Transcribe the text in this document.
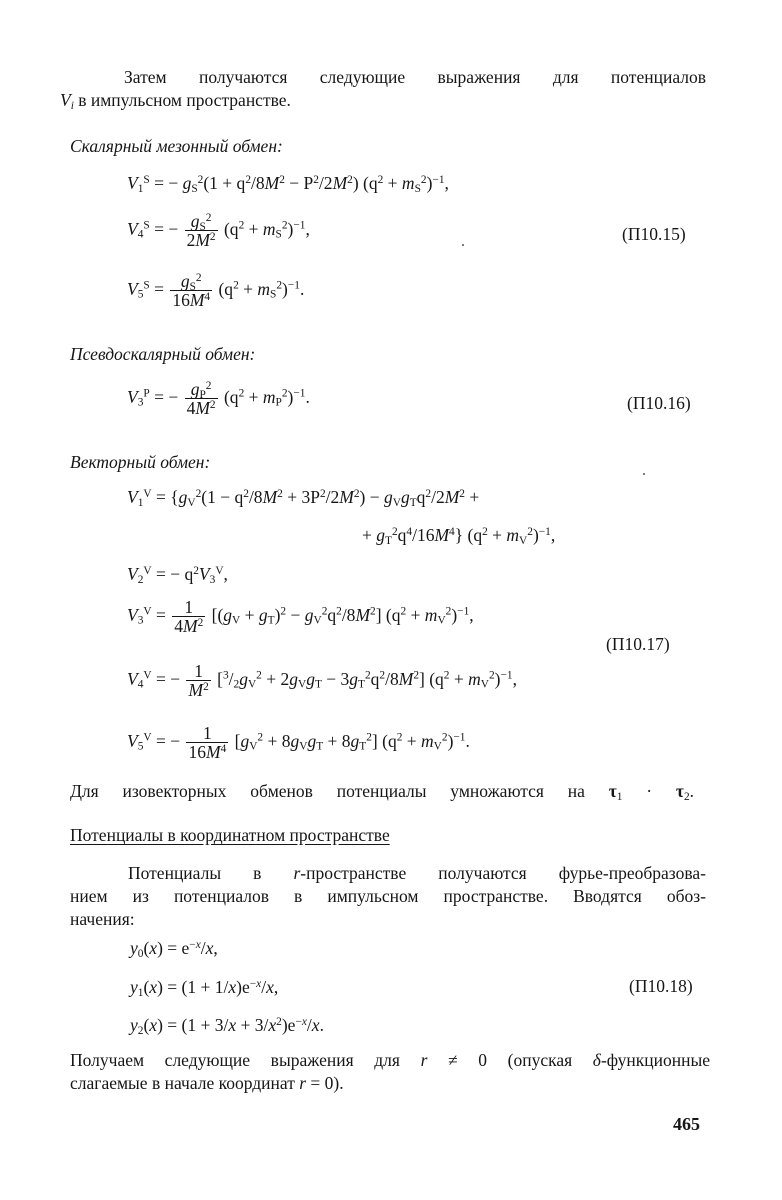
Затем получаются следующие выражения для потенциалов
$V_i$ в импульсном пространстве.
Скалярный мезонный обмен:
$V_1^S$ = − $g_S^2(1 + q^2/8M^2 - P^2/2M^2) (q^2 + m_S^2)^{-1}$,
$V_4^S$ = − $\frac{g_S^2}{2M^2} (q^2 + m_S^2)^{-1}$,	(П10.15)
$V_5^S = \frac{g_S^2}{16M^4} (q^2 + m_S^2)^{-1}$.
Псевдоскалярный обмен:
$V_3^P$ = − $\frac{g_P^2}{4M^2} (q^2 + m_P^2)^{-1}$.	(П10.16)
Векторный обмен:
$V_1^V = \{g_V^2(1 - q^2/8M^2 + 3P^2/2M^2) - g_Vg_Tq^2/2M^2$ +
+ $g_T^2q^4/16M^4$} $(q^2 + m_V^2)^{-1}$,
$V_2^V$ = − $q^2V_3^V$,
$V_3^V = \frac{1}{4M^2} [(g_V + g_T)^2 - g_V^2q^2/8M^2] (q^2 + m_V^2)^{-1}$,
(П10.17)
$V_4^V$ = − $\frac{1}{M^2} [^3/_2g_V^2 + 2g_Vg_T - 3g_T^2q^2/8M^2] (q^2 + m_V^2)^{-1}$,
$V_5^V$ = − $\frac{1}{16M^4} [g_V^2 + 8g_Vg_T + 8g_T^2] (q^2 + m_V^2)^{-1}$.
Для изовекторных обменов потенциалы умножаются на $\tau_1 \cdot \tau_2$.
Потенциалы в координатном пространстве
Потенциалы в r-пространстве получаются фурье-преобразова-
нием из потенциалов в импульсном пространстве. Вводятся обоз-
начения:
$y_0(x) = e^{-x}/x$,
$y_1(x) = (1 + 1/x)e^{-x}/x$,	(П10.18)
$y_2(x) = (1 + 3/x + 3/x^2)e^{-x}/x$.
Получаем следующие выражения для r ≠ 0 (опуская δ-функционные
слагаемые в начале координат r = 0).
465
